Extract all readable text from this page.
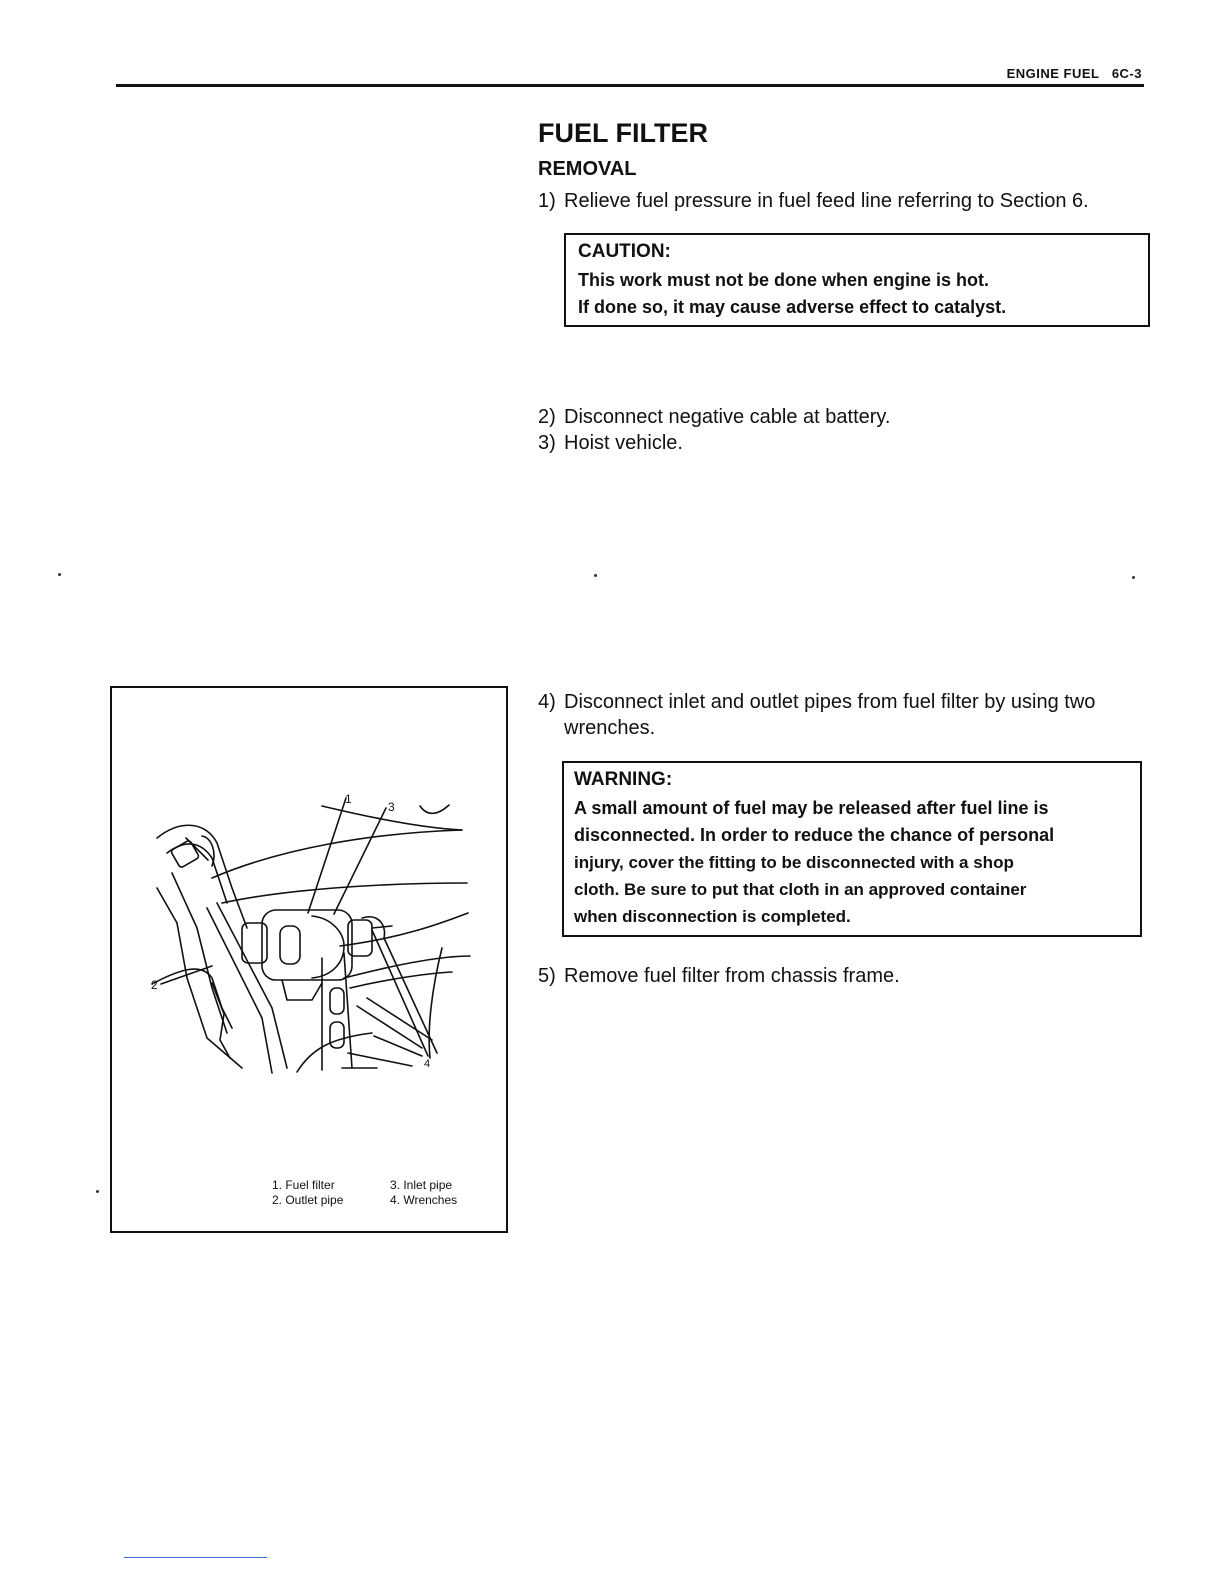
ENGINE FUEL 6C-3
FUEL FILTER
REMOVAL
1) Relieve fuel pressure in fuel feed line referring to Section 6.
CAUTION:
This work must not be done when engine is hot.
If done so, it may cause adverse effect to catalyst.
2) Disconnect negative cable at battery.
3) Hoist vehicle.
4) Disconnect inlet and outlet pipes from fuel filter by using two wrenches.
WARNING:
A small amount of fuel may be released after fuel line is
disconnected. In order to reduce the chance of personal
injury, cover the fitting to be disconnected with a shop
cloth. Be sure to put that cloth in an approved container
when disconnection is completed.
5) Remove fuel filter from chassis frame.
1
2
3
4
1. Fuel filter
2. Outlet pipe
3. Inlet pipe
4. Wrenches
